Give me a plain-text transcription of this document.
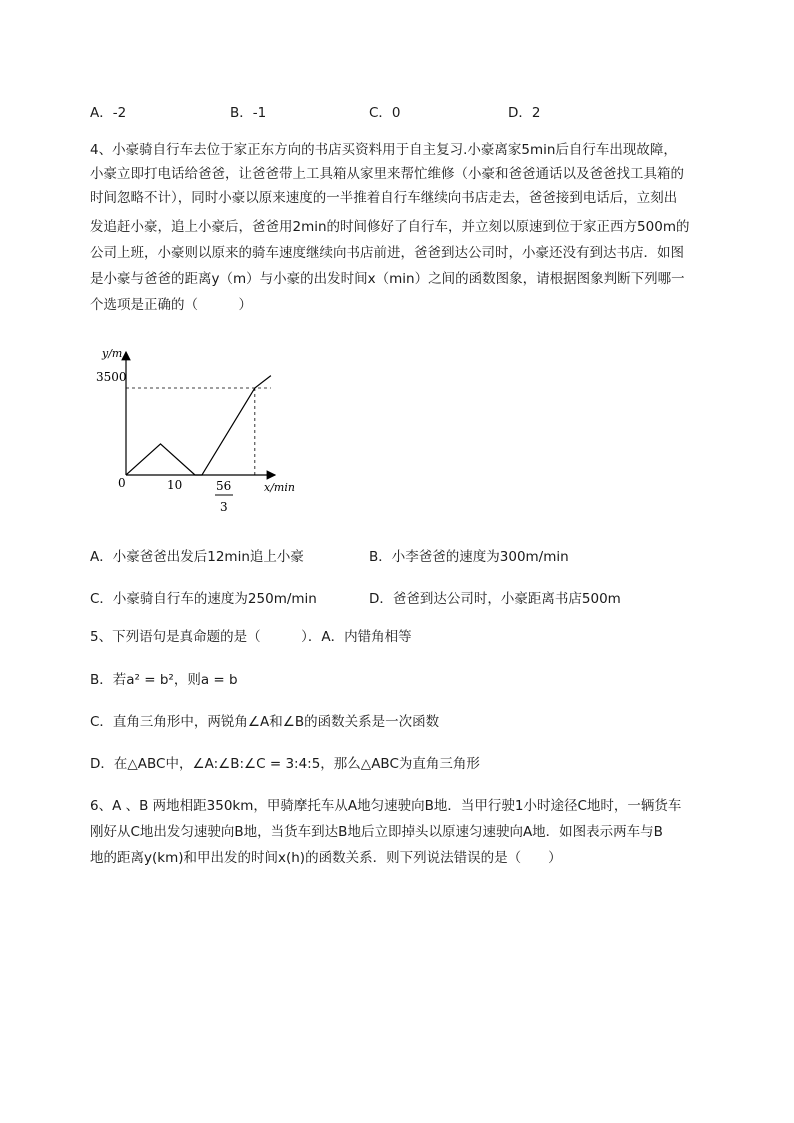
A．-2	B．-1	C．0	D．2
4、小豪骑自行车去位于家正东方向的书店买资料用于自主复习.小豪离家5min后自行车出现故障，
小豪立即打电话给爸爸，让爸爸带上工具箱从家里来帮忙维修（小豪和爸爸通话以及爸爸找工具箱的
时间忽略不计），同时小豪以原来速度的一半推着自行车继续向书店走去，爸爸接到电话后，立刻出
发追赶小豪，追上小豪后，爸爸用2min的时间修好了自行车，并立刻以原速到位于家正西方500m的
公司上班，小豪则以原来的骑车速度继续向书店前进，爸爸到达公司时，小豪还没有到达书店．如图
是小豪与爸爸的距离y（m）与小豪的出发时间x（min）之间的函数图象，请根据图象判断下列哪一
个选项是正确的（　　　）
y/m
x/min
0
3500
10	56
3
A．小豪爸爸出发后12min追上小豪	B．小李爸爸的速度为300m/min
C．小豪骑自行车的速度为250m/min	D．爸爸到达公司时，小豪距离书店500m
5、下列语句是真命题的是（　　　）．A．内错角相等
B．若a² = b²，则a = b
C．直角三角形中，两锐角∠A和∠B的函数关系是一次函数
D．在△ABC中，∠A:∠B:∠C = 3:4:5，那么△ABC为直角三角形
6、A 、B 两地相距350km，甲骑摩托车从A地匀速驶向B地．当甲行驶1小时途径C地时，一辆货车
刚好从C地出发匀速驶向B地，当货车到达B地后立即掉头以原速匀速驶向A地．如图表示两车与B
地的距离y(km)和甲出发的时间x(h)的函数关系．则下列说法错误的是（　　）
